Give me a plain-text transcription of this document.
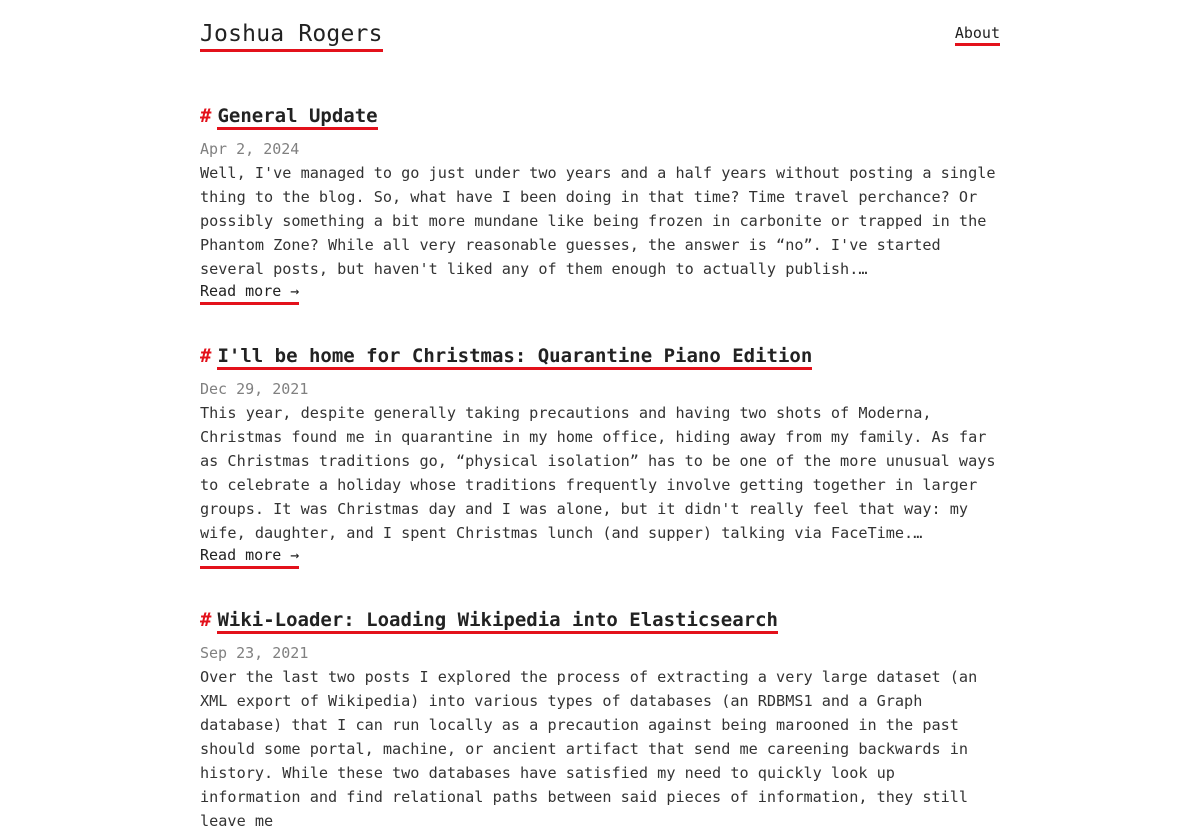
Joshua Rogers	About
# General Update
Apr 2, 2024

Well, I've managed to go just under two years and a half years without posting a single thing to the blog. So, what have I been doing in that time? Time travel perchance? Or possibly something a bit more mundane like being frozen in carbonite or trapped in the Phantom Zone? While all very reasonable guesses, the answer is “no”. I've started several posts, but haven't liked any of them enough to actually publish.…

Read more →
# I'll be home for Christmas: Quarantine Piano Edition
Dec 29, 2021

This year, despite generally taking precautions and having two shots of Moderna, Christmas found me in quarantine in my home office, hiding away from my family. As far as Christmas traditions go, “physical isolation” has to be one of the more unusual ways to celebrate a holiday whose traditions frequently involve getting together in larger groups. It was Christmas day and I was alone, but it didn't really feel that way: my wife, daughter, and I spent Christmas lunch (and supper) talking via FaceTime.…

Read more →
# Wiki-Loader: Loading Wikipedia into Elasticsearch
Sep 23, 2021

Over the last two posts I explored the process of extracting a very large dataset (an XML export of Wikipedia) into various types of databases (an RDBMS1 and a Graph database) that I can run locally as a precaution against being marooned in the past should some portal, machine, or ancient artifact that send me careening backwards in history. While these two databases have satisfied my need to quickly look up information and find relational paths between said pieces of information, they still leave me
